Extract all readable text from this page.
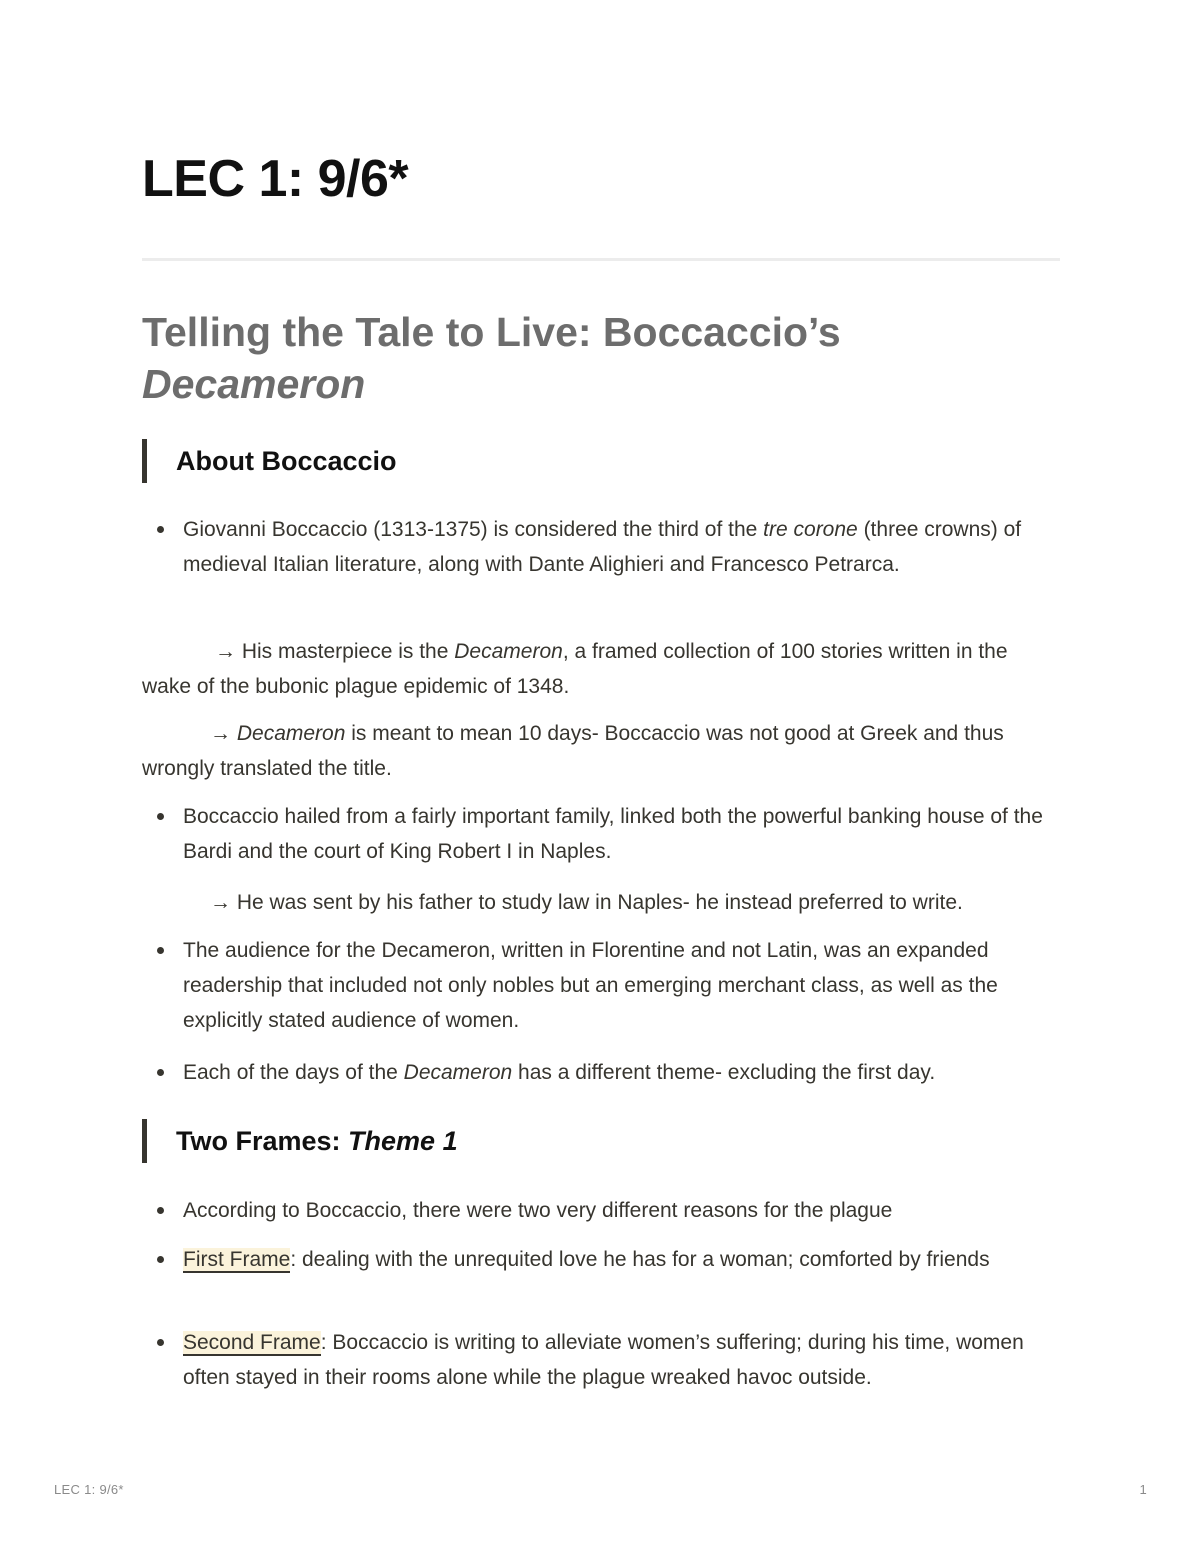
LEC 1: 9/6*
Telling the Tale to Live: Boccaccio’s
Decameron
About Boccaccio
Giovanni Boccaccio (1313-1375) is considered the third of the tre corone (three crowns) of medieval Italian literature, along with Dante Alighieri and Francesco Petrarca.
→ His masterpiece is the Decameron, a framed collection of 100 stories written in the wake of the bubonic plague epidemic of 1348.
→ Decameron is meant to mean 10 days- Boccaccio was not good at Greek and thus wrongly translated the title.
Boccaccio hailed from a fairly important family, linked both the powerful banking house of the Bardi and the court of King Robert I in Naples.
→ He was sent by his father to study law in Naples- he instead preferred to write.
The audience for the Decameron, written in Florentine and not Latin, was an expanded readership that included not only nobles but an emerging merchant class, as well as the explicitly stated audience of women.
Each of the days of the Decameron has a different theme- excluding the first day.
Two Frames: Theme 1
According to Boccaccio, there were two very different reasons for the plague
First Frame: dealing with the unrequited love he has for a woman; comforted by friends
Second Frame: Boccaccio is writing to alleviate women’s suffering; during his time, women often stayed in their rooms alone while the plague wreaked havoc outside.
LEC 1: 9/6*	1
